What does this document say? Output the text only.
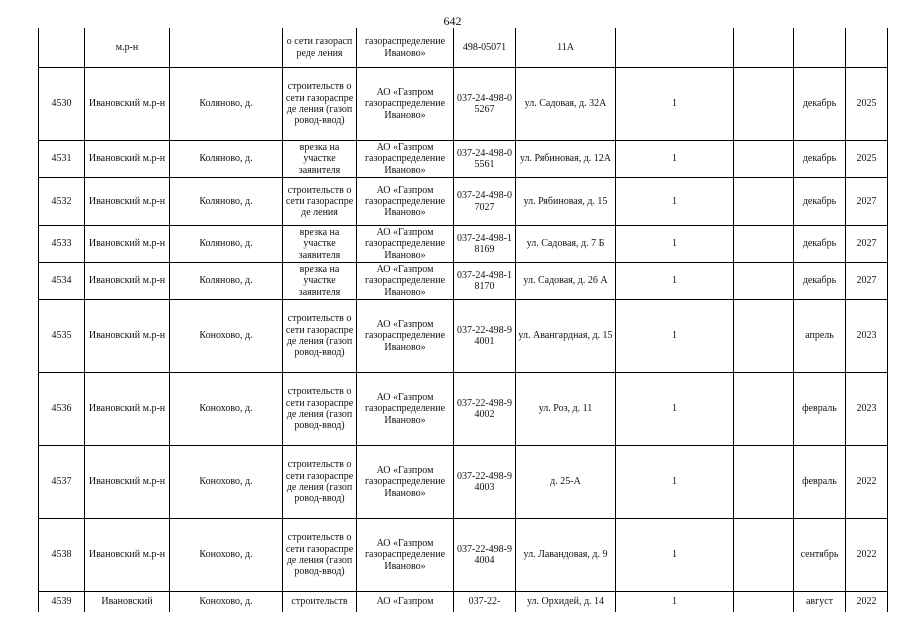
642
	м.р-н		о сети газораспреде ления	газораспределение Иваново»	498-05071	11А				
4530	Ивановский м.р-н	Коляново, д.	строительств о сети газораспреде ления (газопровод-ввод)	АО «Газпром газораспределение Иваново»	037-24-498-05267	ул. Садовая, д. 32А	1		декабрь	2025
4531	Ивановский м.р-н	Коляново, д.	врезка на участке заявителя	АО «Газпром газораспределение Иваново»	037-24-498-05561	ул. Рябиновая, д. 12А	1		декабрь	2025
4532	Ивановский м.р-н	Коляново, д.	строительств о сети газораспреде ления	АО «Газпром газораспределение Иваново»	037-24-498-07027	ул. Рябиновая, д. 15	1		декабрь	2027
4533	Ивановский м.р-н	Коляново, д.	врезка на участке заявителя	АО «Газпром газораспределение Иваново»	037-24-498-18169	ул. Садовая, д. 7 Б	1		декабрь	2027
4534	Ивановский м.р-н	Коляново, д.	врезка на участке заявителя	АО «Газпром газораспределение Иваново»	037-24-498-18170	ул. Садовая, д. 26 А	1		декабрь	2027
4535	Ивановский м.р-н	Конохово, д.	строительств о сети газораспреде ления (газопровод-ввод)	АО «Газпром газораспределение Иваново»	037-22-498-94001	ул. Авангардная, д. 15	1		апрель	2023
4536	Ивановский м.р-н	Конохово, д.	строительств о сети газораспреде ления (газопровод-ввод)	АО «Газпром газораспределение Иваново»	037-22-498-94002	ул. Роз, д. 11	1		февраль	2023
4537	Ивановский м.р-н	Конохово, д.	строительств о сети газораспреде ления (газопровод-ввод)	АО «Газпром газораспределение Иваново»	037-22-498-94003	д. 25-А	1		февраль	2022
4538	Ивановский м.р-н	Конохово, д.	строительств о сети газораспреде ления (газопровод-ввод)	АО «Газпром газораспределение Иваново»	037-22-498-94004	ул. Лавандовая, д. 9	1		сентябрь	2022
4539	Ивановский	Конохово, д.	строительств	АО «Газпром	037-22-	ул. Орхидей, д. 14	1		август	2022
